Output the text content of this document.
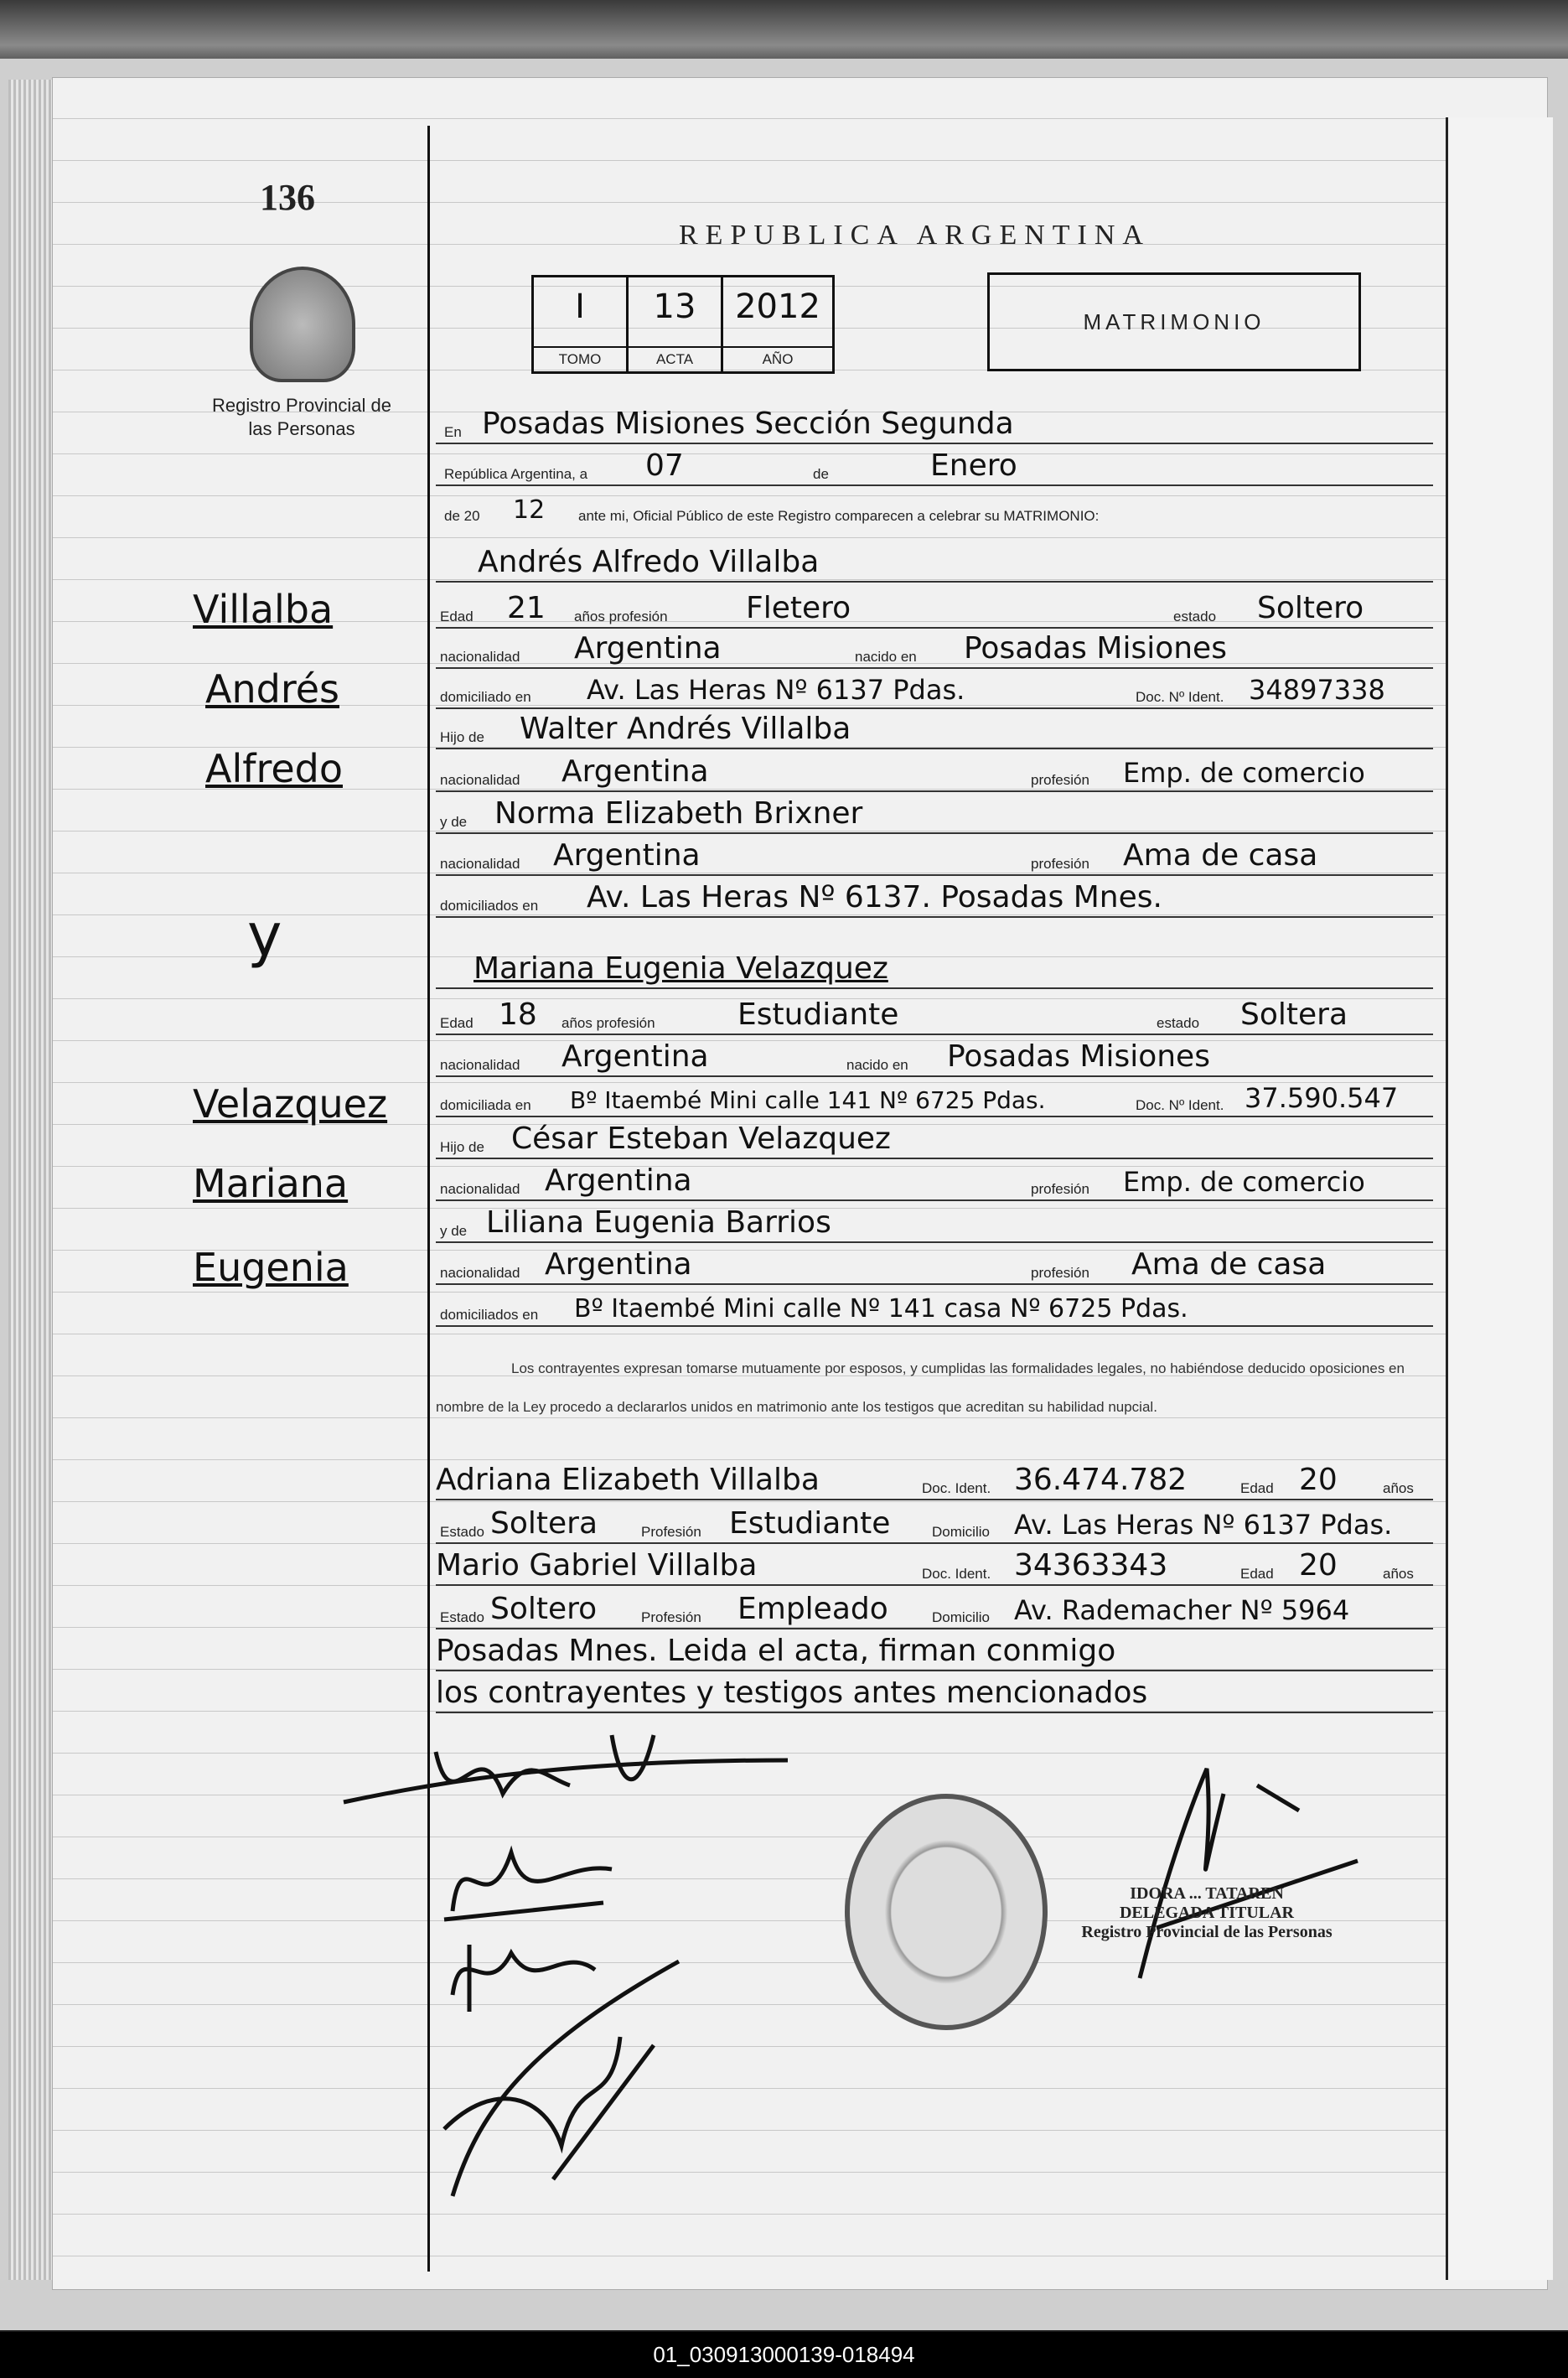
136
Registro Provincial de las Personas
REPUBLICA ARGENTINA
I
TOMO
13
ACTA
2012
AÑO
MATRIMONIO
Villalba
Andrés
Alfredo
y
Velazquez
Mariana
Eugenia
En Posadas Misiones Sección Segunda
República Argentina, a 07	de	Enero
de 20 12 ante mi, Oficial Público de este Registro comparecen a celebrar su MATRIMONIO:
Andrés Alfredo Villalba
Edad 21 años profesión	Fletero	estado Soltero
nacionalidad Argentina	nacido en Posadas Misiones
domiciliado en Av. Las Heras Nº 6137 Pdas.	Doc. Nº Ident. 34897338
Hijo de Walter Andrés Villalba
nacionalidad Argentina	profesión Emp. de comercio
y de Norma Elizabeth Brixner
nacionalidad Argentina	profesión Ama de casa
domiciliados en Av. Las Heras Nº 6137. Posadas Mnes.
Mariana Eugenia Velazquez
Edad 18 años profesión	Estudiante	estado Soltera
nacionalidad Argentina	nacido en Posadas Misiones
domiciliada en Bº Itaembé Mini calle 141 Nº 6725 Pdas.	Doc. Nº Ident. 37.590.547
Hijo de César Esteban Velazquez
nacionalidad Argentina	profesión Emp. de comercio
y de Liliana Eugenia Barrios
nacionalidad Argentina	profesión Ama de casa
domiciliados en Bº Itaembé Mini calle Nº 141 casa Nº 6725 Pdas.
Los contrayentes expresan tomarse mutuamente por esposos, y cumplidas las formalidades legales, no habiéndose deducido oposiciones en nombre de la Ley procedo a declararlos unidos en matrimonio ante los testigos que acreditan su habilidad nupcial.
Adriana Elizabeth Villalba	Doc. Ident. 36.474.782	Edad 20	años
Estado Soltera	Profesión Estudiante	Domicilio Av. Las Heras Nº 6137 Pdas.
Mario Gabriel Villalba	Doc. Ident. 34363343	Edad 20	años
Estado Soltero	Profesión Empleado	Domicilio Av. Rademacher Nº 5964
Posadas Mnes. Leida el acta, firman conmigo
los contrayentes y testigos antes mencionados
IDORA ... TATAREN
DELEGADA TITULAR
Registro Provincial de las Personas
01_030913000139-018494
